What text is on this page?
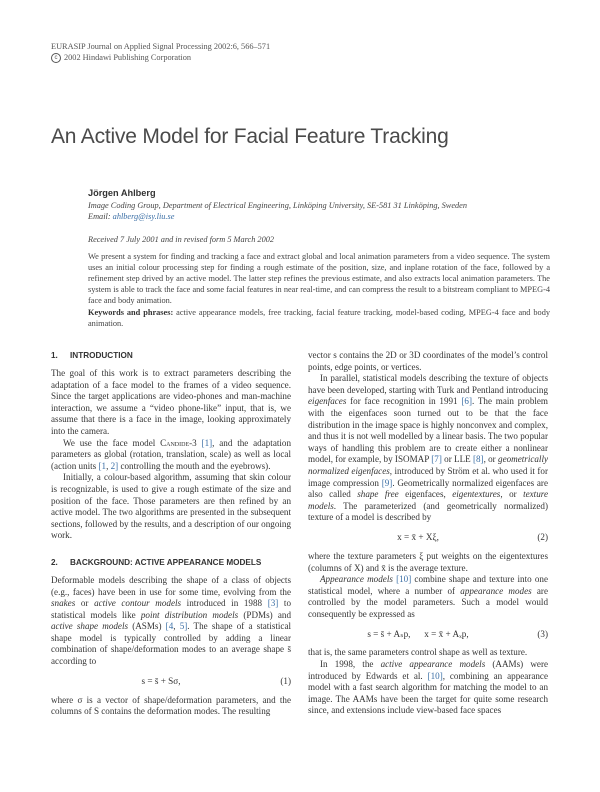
EURASIP Journal on Applied Signal Processing 2002:6, 566–571
c 2002 Hindawi Publishing Corporation
An Active Model for Facial Feature Tracking
Jörgen Ahlberg
Image Coding Group, Department of Electrical Engineering, Linköping University, SE-581 31 Linköping, Sweden
Email: ahlberg@isy.liu.se
Received 7 July 2001 and in revised form 5 March 2002
We present a system for finding and tracking a face and extract global and local animation parameters from a video sequence. The system uses an initial colour processing step for finding a rough estimate of the position, size, and inplane rotation of the face, followed by a refinement step drived by an active model. The latter step refines the previous estimate, and also extracts local animation parameters. The system is able to track the face and some facial features in near real-time, and can compress the result to a bitstream compliant to MPEG-4 face and body animation.
Keywords and phrases: active appearance models, free tracking, facial feature tracking, model-based coding, MPEG-4 face and body animation.
1. INTRODUCTION

The goal of this work is to extract parameters describing the adaptation of a face model to the frames of a video sequence. Since the target applications are video-phones and man-machine interaction, we assume a “video phone-like” input, that is, we assume that there is a face in the image, looking approximately into the camera.

We use the face model Candide-3 [1], and the adaptation parameters as global (rotation, translation, scale) as well as local (action units [1, 2] controlling the mouth and the eyebrows).

Initially, a colour-based algorithm, assuming that skin colour is recognizable, is used to give a rough estimate of the size and position of the face. Those parameters are then refined by an active model. The two algorithms are presented in the subsequent sections, followed by the results, and a description of our ongoing work.

2. BACKGROUND: ACTIVE APPEARANCE MODELS

Deformable models describing the shape of a class of objects (e.g., faces) have been in use for some time, evolving from the snakes or active contour models introduced in 1988 [3] to statistical models like point distribution models (PDMs) and active shape models (ASMs) [4, 5]. The shape of a statistical shape model is typically controlled by adding a linear combination of shape/deformation modes to an average shape s̄ according to

s = s̄ + Sσ,	(1)

where σ is a vector of shape/deformation parameters, and the columns of S contains the deformation modes. The resulting

vector s contains the 2D or 3D coordinates of the model’s control points, edge points, or vertices.

In parallel, statistical models describing the texture of objects have been developed, starting with Turk and Pentland introducing eigenfaces for face recognition in 1991 [6]. The main problem with the eigenfaces soon turned out to be that the face distribution in the image space is highly nonconvex and complex, and thus it is not well modelled by a linear basis. The two popular ways of handling this problem are to create either a nonlinear model, for example, by ISOMAP [7] or LLE [8], or geometrically normalized eigenfaces, introduced by Ström et al. who used it for image compression [9]. Geometrically normalized eigenfaces are also called shape free eigenfaces, eigentextures, or texture models. The parameterized (and geometrically normalized) texture of a model is described by

x = x̄ + Xξ,	(2)

where the texture parameters ξ put weights on the eigentextures (columns of X) and x̄ is the average texture.

Appearance models [10] combine shape and texture into one statistical model, where a number of appearance modes are controlled by the model parameters. Such a model would consequently be expressed as

s = s̄ + Aₛp, x = x̄ + Aₓp,	(3)

that is, the same parameters control shape as well as texture.

In 1998, the active appearance models (AAMs) were introduced by Edwards et al. [10], combining an appearance model with a fast search algorithm for matching the model to an image. The AAMs have been the target for quite some research since, and extensions include view-based face spaces
